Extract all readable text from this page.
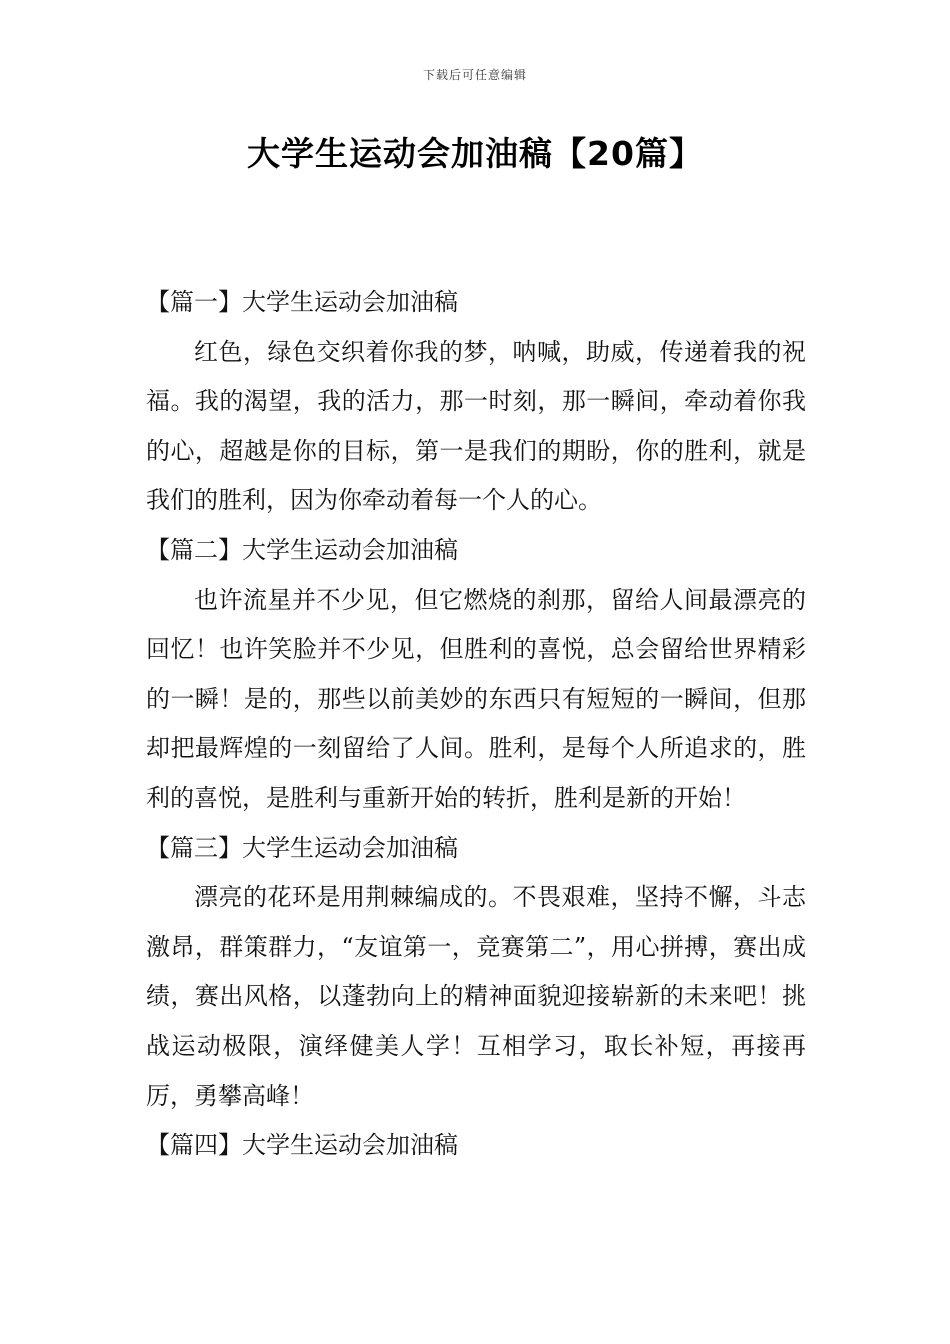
下载后可任意编辑
大学生运动会加油稿【20篇】

【篇一】大学生运动会加油稿

红色，绿色交织着你我的梦，呐喊，助威，传递着我的祝福。我的渴望，我的活力，那一时刻，那一瞬间，牵动着你我的心，超越是你的目标，第一是我们的期盼，你的胜利，就是我们的胜利，因为你牵动着每一个人的心。

【篇二】大学生运动会加油稿

也许流星并不少见，但它燃烧的刹那，留给人间最漂亮的回忆！也许笑脸并不少见，但胜利的喜悦，总会留给世界精彩的一瞬！是的，那些以前美妙的东西只有短短的一瞬间，但那却把最辉煌的一刻留给了人间。胜利，是每个人所追求的，胜利的喜悦，是胜利与重新开始的转折，胜利是新的开始！

【篇三】大学生运动会加油稿

漂亮的花环是用荆棘编成的。不畏艰难，坚持不懈，斗志激昂，群策群力，“友谊第一，竞赛第二”，用心拼搏，赛出成绩，赛出风格，以蓬勃向上的精神面貌迎接崭新的未来吧！挑战运动极限，演绎健美人学！互相学习，取长补短，再接再厉，勇攀高峰！

【篇四】大学生运动会加油稿
